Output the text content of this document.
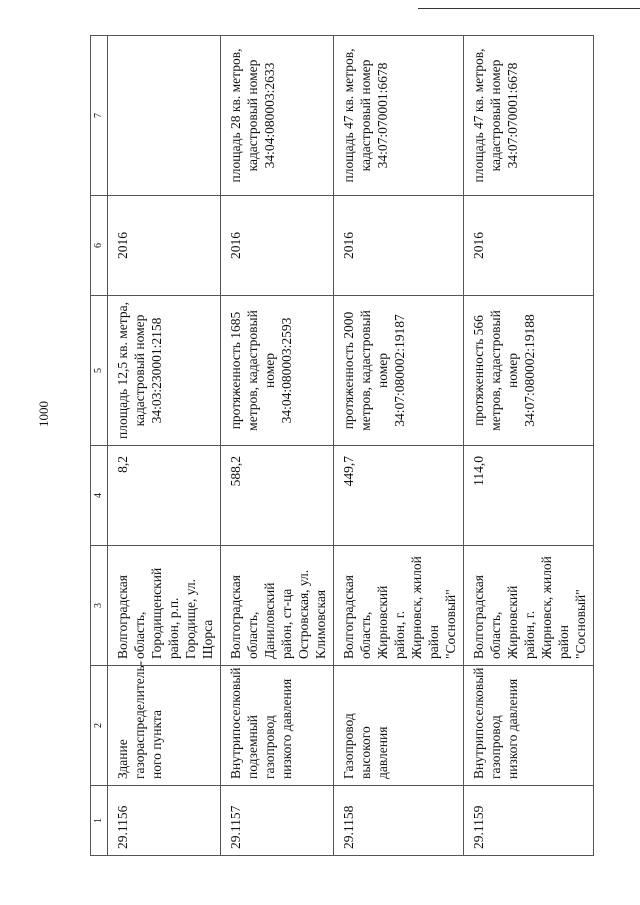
1000
1	2	3	4	5	6	7
29.1156	Здание газораспределитель-ного пункта	Волгоградская область, Городищенский район, р.п. Городище, ул. Щорса	8,2	площадь 12,5 кв. метра, кадастровый номер 34:03:230001:2158	2016	
29.1157	Внутрипоселковый подземный газопровод низкого давления	Волгоградская область, Даниловский район, ст-ца Островская, ул. Климовская	588,2	протяженность 1685 метров, кадастровый номер 34:04:080003:2593	2016	площадь 28 кв. метров, кадастровый номер 34:04:080003:2633
29.1158	Газопровод высокого давления	Волгоградская область, Жирновский район, г. Жирновск, жилой район "Сосновый"	449,7	протяженность 2000 метров, кадастровый номер 34:07:080002:19187	2016	площадь 47 кв. метров, кадастровый номер 34:07:070001:6678
29.1159	Внутрипоселковый газопровод низкого давления	Волгоградская область, Жирновский район, г. Жирновск, жилой район "Сосновый"	114,0	протяженность 566 метров, кадастровый номер 34:07:080002:19188	2016	площадь 47 кв. метров, кадастровый номер 34:07:070001:6678
